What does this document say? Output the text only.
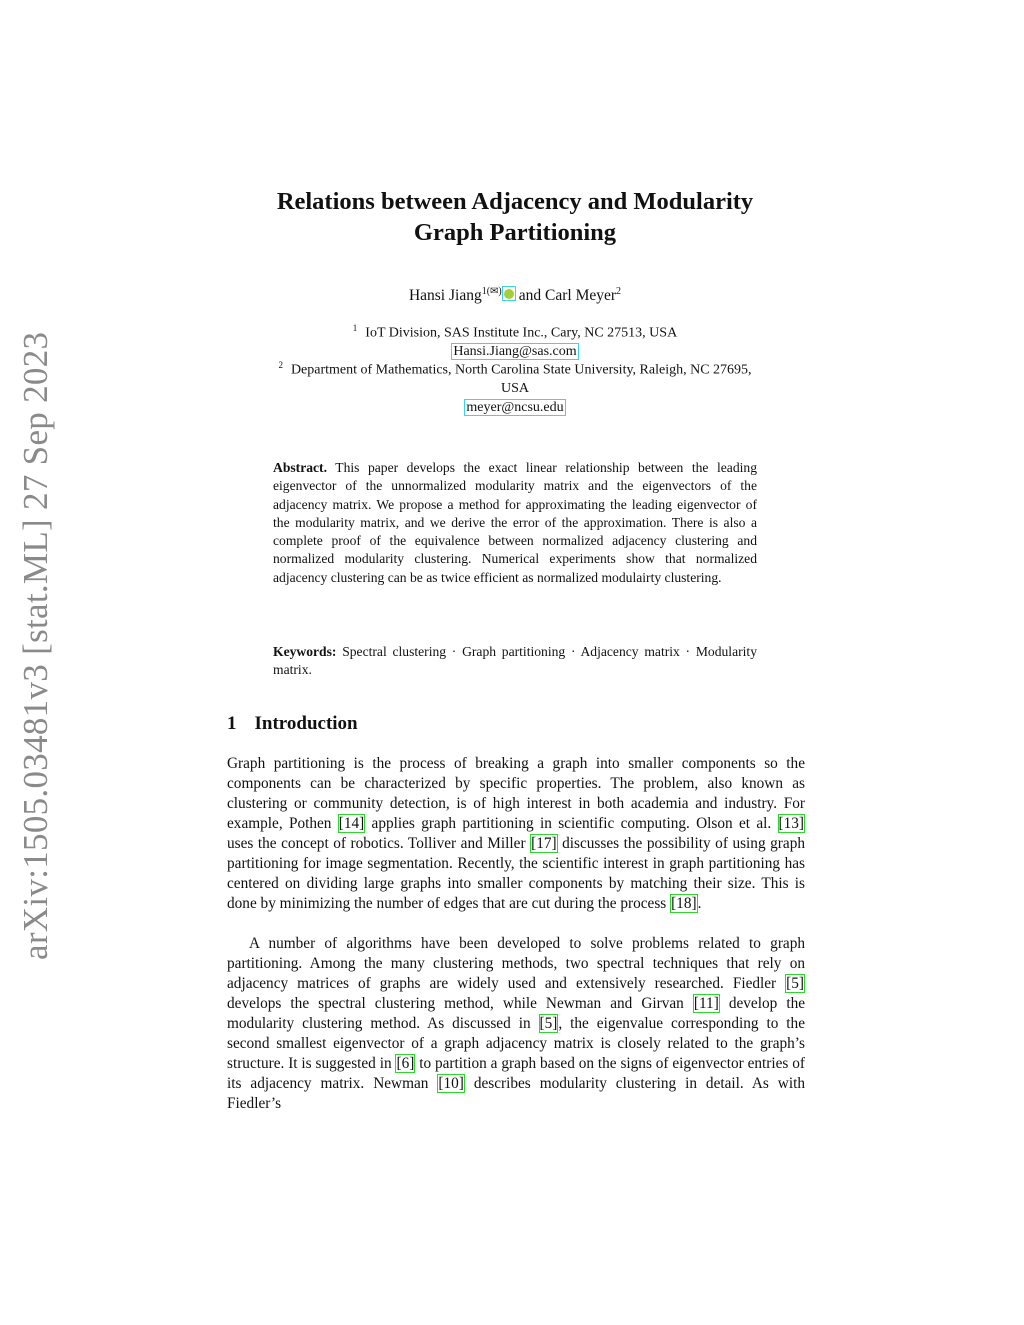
arXiv:1505.03481v3 [stat.ML] 27 Sep 2023
Relations between Adjacency and Modularity
Graph Partitioning
Hansi Jiang$^{1(✉)}$ and Carl Meyer$^2$
$^1$ IoT Division, SAS Institute Inc., Cary, NC 27513, USA
Hansi.Jiang@sas.com
$^2$ Department of Mathematics, North Carolina State University, Raleigh, NC 27695,
USA
meyer@ncsu.edu

Abstract. This paper develops the exact linear relationship between the leading eigenvector of the unnormalized modularity matrix and the eigenvectors of the adjacency matrix. We propose a method for approximating the leading eigenvector of the modularity matrix, and we derive the error of the approximation. There is also a complete proof of the equivalence between normalized adjacency clustering and normalized modularity clustering. Numerical experiments show that normalized adjacency clustering can be as twice efficient as normalized modulairty clustering.

Keywords: Spectral clustering · Graph partitioning · Adjacency matrix · Modularity matrix.

1 Introduction

Graph partitioning is the process of breaking a graph into smaller components so the components can be characterized by specific properties. The problem, also known as clustering or community detection, is of high interest in both academia and industry. For example, Pothen [14] applies graph partitioning in scientific computing. Olson et al. [13] uses the concept of robotics. Tolliver and Miller [17] discusses the possibility of using graph partitioning for image segmentation. Recently, the scientific interest in graph partitioning has centered on dividing large graphs into smaller components by matching their size. This is done by minimizing the number of edges that are cut during the process [18].

A number of algorithms have been developed to solve problems related to graph partitioning. Among the many clustering methods, two spectral techniques that rely on adjacency matrices of graphs are widely used and extensively researched. Fiedler [5] develops the spectral clustering method, while Newman and Girvan [11] develop the modularity clustering method. As discussed in [5], the eigenvalue corresponding to the second smallest eigenvector of a graph adjacency matrix is closely related to the graph’s structure. It is suggested in [6] to partition a graph based on the signs of eigenvector entries of its adjacency matrix. Newman [10] describes modularity clustering in detail. As with Fiedler’s
